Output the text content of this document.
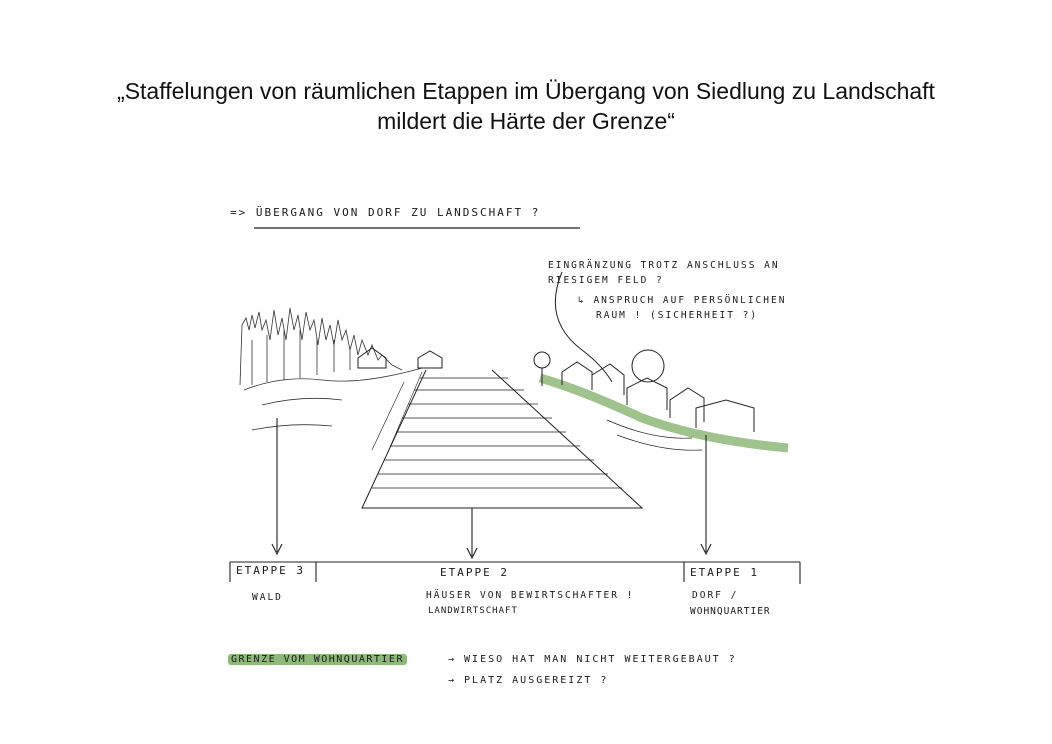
„Staffelungen von räumlichen Etappen im Übergang von Siedlung zu Landschaft
mildert die Härte der Grenze“
=> ÜBERGANG VON DORF ZU LANDSCHAFT ?
EINGRÄNZUNG TROTZ ANSCHLUSS AN
RIESIGEM FELD ?
↳ ANSPRUCH AUF PERSÖNLICHEN
RAUM ! (SICHERHEIT ?)
ETAPPE 3
WALD
ETAPPE 2
HÄUSER VON BEWIRTSCHAFTER !
LANDWIRTSCHAFT
ETAPPE 1
DORF /
WOHNQUARTIER
GRENZE VOM WOHNQUARTIER	→ WIESO HAT MAN NICHT WEITERGEBAUT ?
→ PLATZ AUSGEREIZT ?
